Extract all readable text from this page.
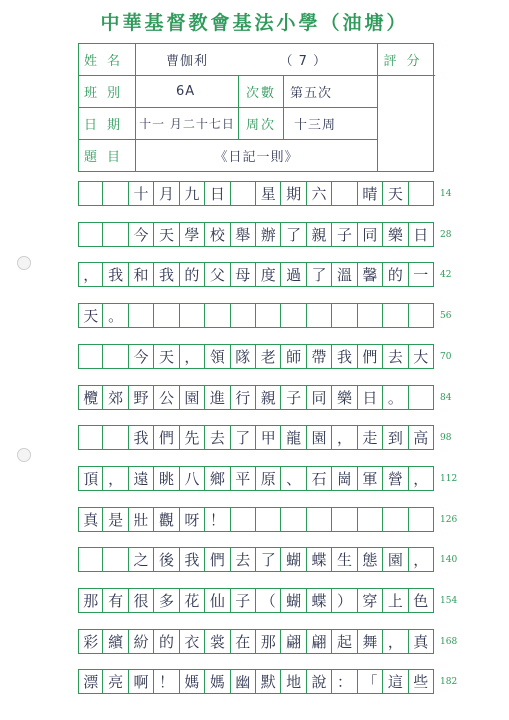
中華基督教會基法小學（油塘）
姓名	曹伽利	（ 7 ）	評分
班別	6A	次數	第五次
日期 十一 月二十七日 周次	十三周
題目	《日記一則》
十 月 九 日	星 期 六	晴 天
今 天 學 校 舉 辦 了 親 子 同 樂 日
， 我 和 我 的 父 母 度 過 了 溫 馨 的 一
天 。
今 天 ， 領 隊 老 師 帶 我 們 去 大
欖 郊 野 公 園 進 行 親 子 同 樂 日 。
我 們 先 去 了 甲 龍 園 ， 走 到 高
頂 ， 遠 眺 八 鄉 平 原 、 石 崗 軍 營 ，
真 是 壯 觀 呀 ！
之 後 我 們 去 了 蝴 蝶 生 態 園 ，
那 有 很 多 花 仙 子 （ 蝴 蝶 ） 穿 上 色
彩 繽 紛 的 衣 裳 在 那 翩 翩 起 舞 ， 真
漂 亮 啊 ！ 媽 媽 幽 默 地 說 ： 「 這 些
14
28
42
56
70
84
98
112
126
140
154
168
182
